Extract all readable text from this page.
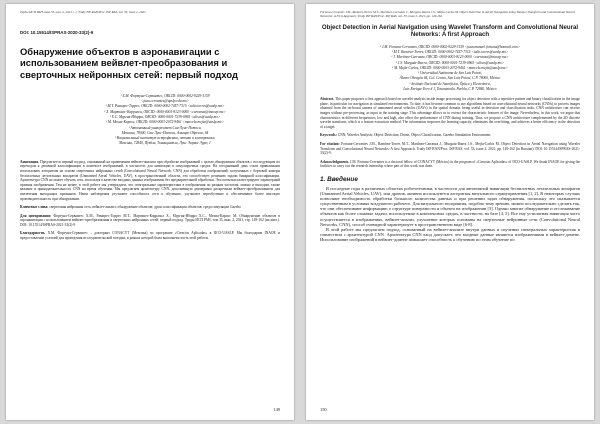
Труды ИСП РАН, том 33, вып. 2, 2021 г. // Trudy ISP RAN/Proc. ISP RAS, vol. 33, issue 2, 2021
DOI: 10.15514/ISPRAS-2020-33(2)-9
Обнаружение объектов в аэронавигации с использованием вейвлет-преобразования и сверточных нейронных сетей: первый подход
¹ Х.М. Фортуна-Сервантес, ORCID: 0000-0002-9229-3159
<juan.cervantes@upslp.edu.mx>
¹ М.Т. Рамирес-Торрес, ORCID: 0000-0002-7457-7315 <tulio.torres@uaslp.mx>
² Х. Мартинес-Каррапса, ORCID: 0000-0001-8123-0000 <carranza@inaoep.mx>
¹ Х.С. Мургия-Ибарра, ORCID: 0000-0001-7239-0965 <ulises@uaslp.mx>
¹ М. Мехиа-Карлос, ORCID: 0000-0003-2072-9461 <marcela.mejia@uaslp.mx>
¹ Автономный университет Сан-Луис-Потоси,
Мексика, 78000, Сан-Луис-Потоси, Альваро Обрегон, 64
² Национальный институт астрофизики, оптики и электроники,
Мексика, 72840, Пуэбла, Тонанцинтла, Луис Энрике Эрро, 1
Аннотация. Предлагается первый подход, основанный на применении вейвлет-анализа при обработке изображений с целью обнаружения объектов с последующим их переходом к двоичной классификации в контексте изображений, в частности, для навигации в симулируемых средах. На сегодняшний день стали привычными использовать алгоритмы на основе сверточных нейронных сетей (Convolutional Neural Network, CNN) для обработки изображений, полученных с бортовой камеры беспилотных летательных аппаратов (Unmanned Aerial Vehicles, UAV), в пространственной области, что способствует решению задачи бинарной классификации. Архитектура CNN не может обучать сеть, используя в качестве входных данных изображения без предварительной обработки. Эти попытки иллюстрируют характерный признак изображения. Тем не менее, в этой работе мы утверждаем, что спектральные характеристики в изображения по разным частотам, можно и выходим, также важным и принадлежательность CNN на время обучения. Мы предлагаем архитектуру CNN, дополненную двумерным дискретным вейвлет-преобразованием для извлечения выходящих признаков. Наши наблюдения улучшают способность сети к обучению, улучшают переобучение и обеспечивают более высокую производительность при обнаружении.
Ключевые слова: сверточная нейронная сеть; вейвлет-анализ; обнаружение объектов; дрон; классификация объектов; среда симуляции Gazebo
Для цитирования: Фортуна-Сервантес Х.М., Рамирес-Торрес М.Т., Мартинес-Каррапса Х., Мургия-Ибарра Х.С., Мехиа-Карлос М. Обнаружение объектов в аэронавигации с использованием вейвлет-преобразования и сверточных нейронных сетей: первый подход. Труды ИСП РАН, том 33, вып. 2, 2021, стр. 149-162 (на англ.). DOI: 10.15514/ISPRAS-2021-33(2)-9
Благодарности. Х.М. Фортуна-Сервантес – докторант CONACYT (Мексика) по программе «Ciencias Aplicadas» в IICO-UASLP. Мы благодарим INAOE и предоставление условий для проведения исследовательской поездки, в рамках которой была выполнена часть этой работы.
149
Fortuna-Cervantes J.M., Ramírez-Torres M.T., Martínez-Carranza J., Murguía-Ibarra J.S., Mejía-Carlos M. Object Detection in Aerial Navigation using Wavelet Transform and Convolutional Neural Networks: A First Approach. Trudy ISP RAN/Proc. ISP RAS, vol. 33, issue 2, 2021, pp. 149-162
Object Detection in Aerial Navigation using Wavelet Transform and Convolutional Neural Networks: A first Approach
¹ J.M. Fortuna-Cervantes, ORCID: 0000-0002-9229-3159 <juan.manuel.fortuna@hotmail.com>
¹ M.T. Ramirez-Torres, ORCID: 0000-0002-7457-7315 <tulio.torres@uaslp.mx>
² J. Martínez-Carranza, ORCID: 0000-0001-8123-0000 <carranza@inaoep.mx>
¹ J.S. Murguía-Ibarra, ORCID: 0000-0001-7239-0965 <ulises@uaslp.mx>
¹ M. Mejía-Carlos, ORCID: 0000-0003-2072-9461 <marcela.mejia@uaslp.mx>
¹ Universidad Autónoma de San Luis Potosí,
Álvaro Obregón 64, Col. Centro, San Luis Potosí, C.P. 78000, México
² Instituto Nacional de Astrofísica, Óptica y Electrónica,
Luis Enrique Erro # 1, Tonantzintla, Puebla, C.P. 72840, México
Abstract. This paper proposes a first approach based on wavelet analysis inside image processing for object detection with a repetitive pattern and binary classification in the image plane, in particular for navigation in simulated environments. To date, it has become common to use algorithms based on convolutional neural networks (CNNs) to process images obtained from the on-board camera of unmanned aerial vehicles (UAVs) in the spatial domain, being useful in detection and classification tasks. CNN architecture can receive images without pre-processing, as input in the training stage. This advantage allows us to extract the characteristic features of the image. Nevertheless, in this work, we argue that characteristics in different frequencies, low and high, also affect the performance of CNN during training. Thus, we propose a CNN architecture complemented by the 2D discrete wavelet transform, which is a feature extraction method. The information improves the learning capacity, eliminates the overfitting, and achieves a better efficiency in the detection of a target.
Keywords: CNN; Wavelet Analysis; Object Detection, Drone, Object Classification, Gazebo Simulation Environment.
For citation: Fortuna-Cervantes J.M., Ramírez-Torres M.T., Martínez-Carranza J., Murguía-Ibarra J.S., Mejía-Carlos M. Object Detection in Aerial Navigation using Wavelet Transform and Convolutional Neural Networks: A first Approach. Trudy ISP RAN/Proc. ISP RAS, vol. 33, issue 2, 2021, pp. 149-162 (in Russian). DOI: 10.15514/ISPRAS-2021-33(2)-9.
Acknowledgments. J.M. Fortuna-Cervantes is a doctoral fellow of CONACYT (México) in the program of «Ciencias Aplicadas» of IICO-UASLP. We thank INAOE for giving the facilities to carry out the research internship where part of this work was done.
1. Введение

В последние годы в различных областях робототехники, в частности для автономной навигации беспилотных летательных аппаратов (Unmanned Aerial Vehicles, UAV), или дронов, активно используются алгоритмы визуального сервоуправления [1, 2]. В некоторых случаях позволяют необходимость обработки большого количества данных и при решении задач обнаружения, поскольку это оказывается существенным в условиях воздушного рабочего. Для визуального восприятия, подобно тому зрению, можно последовательно сделать так, что они обеспечивают информацию о структуре поверхности и объекта на изображении [3]. Однако многие обнаружение и отслеживание объектов как более сложные задачи, используемые в комплексных средах, в частности, на базе [4, 5]. Все ему устилаемая навигация часто осуществляется в изображениях, вейвлет-анализ, улучшение которых основаны на сверточные нейронные сети (Convolutional Neural Networks, CNN), способ очевидной характеризует в пространственном виде [6-8].

В этой работе мы предлагаем подход, основанный на вейвлет-анализе внутри данных и изучении спектральных характеристик в совместном с архитектурой CNN. Архитектура CNN вход допускает, что входные данные являются изображениями в вейвлет-домене. Использование изображений в вейвлет-домене повышает способность к обучению по этим обучение по

150
